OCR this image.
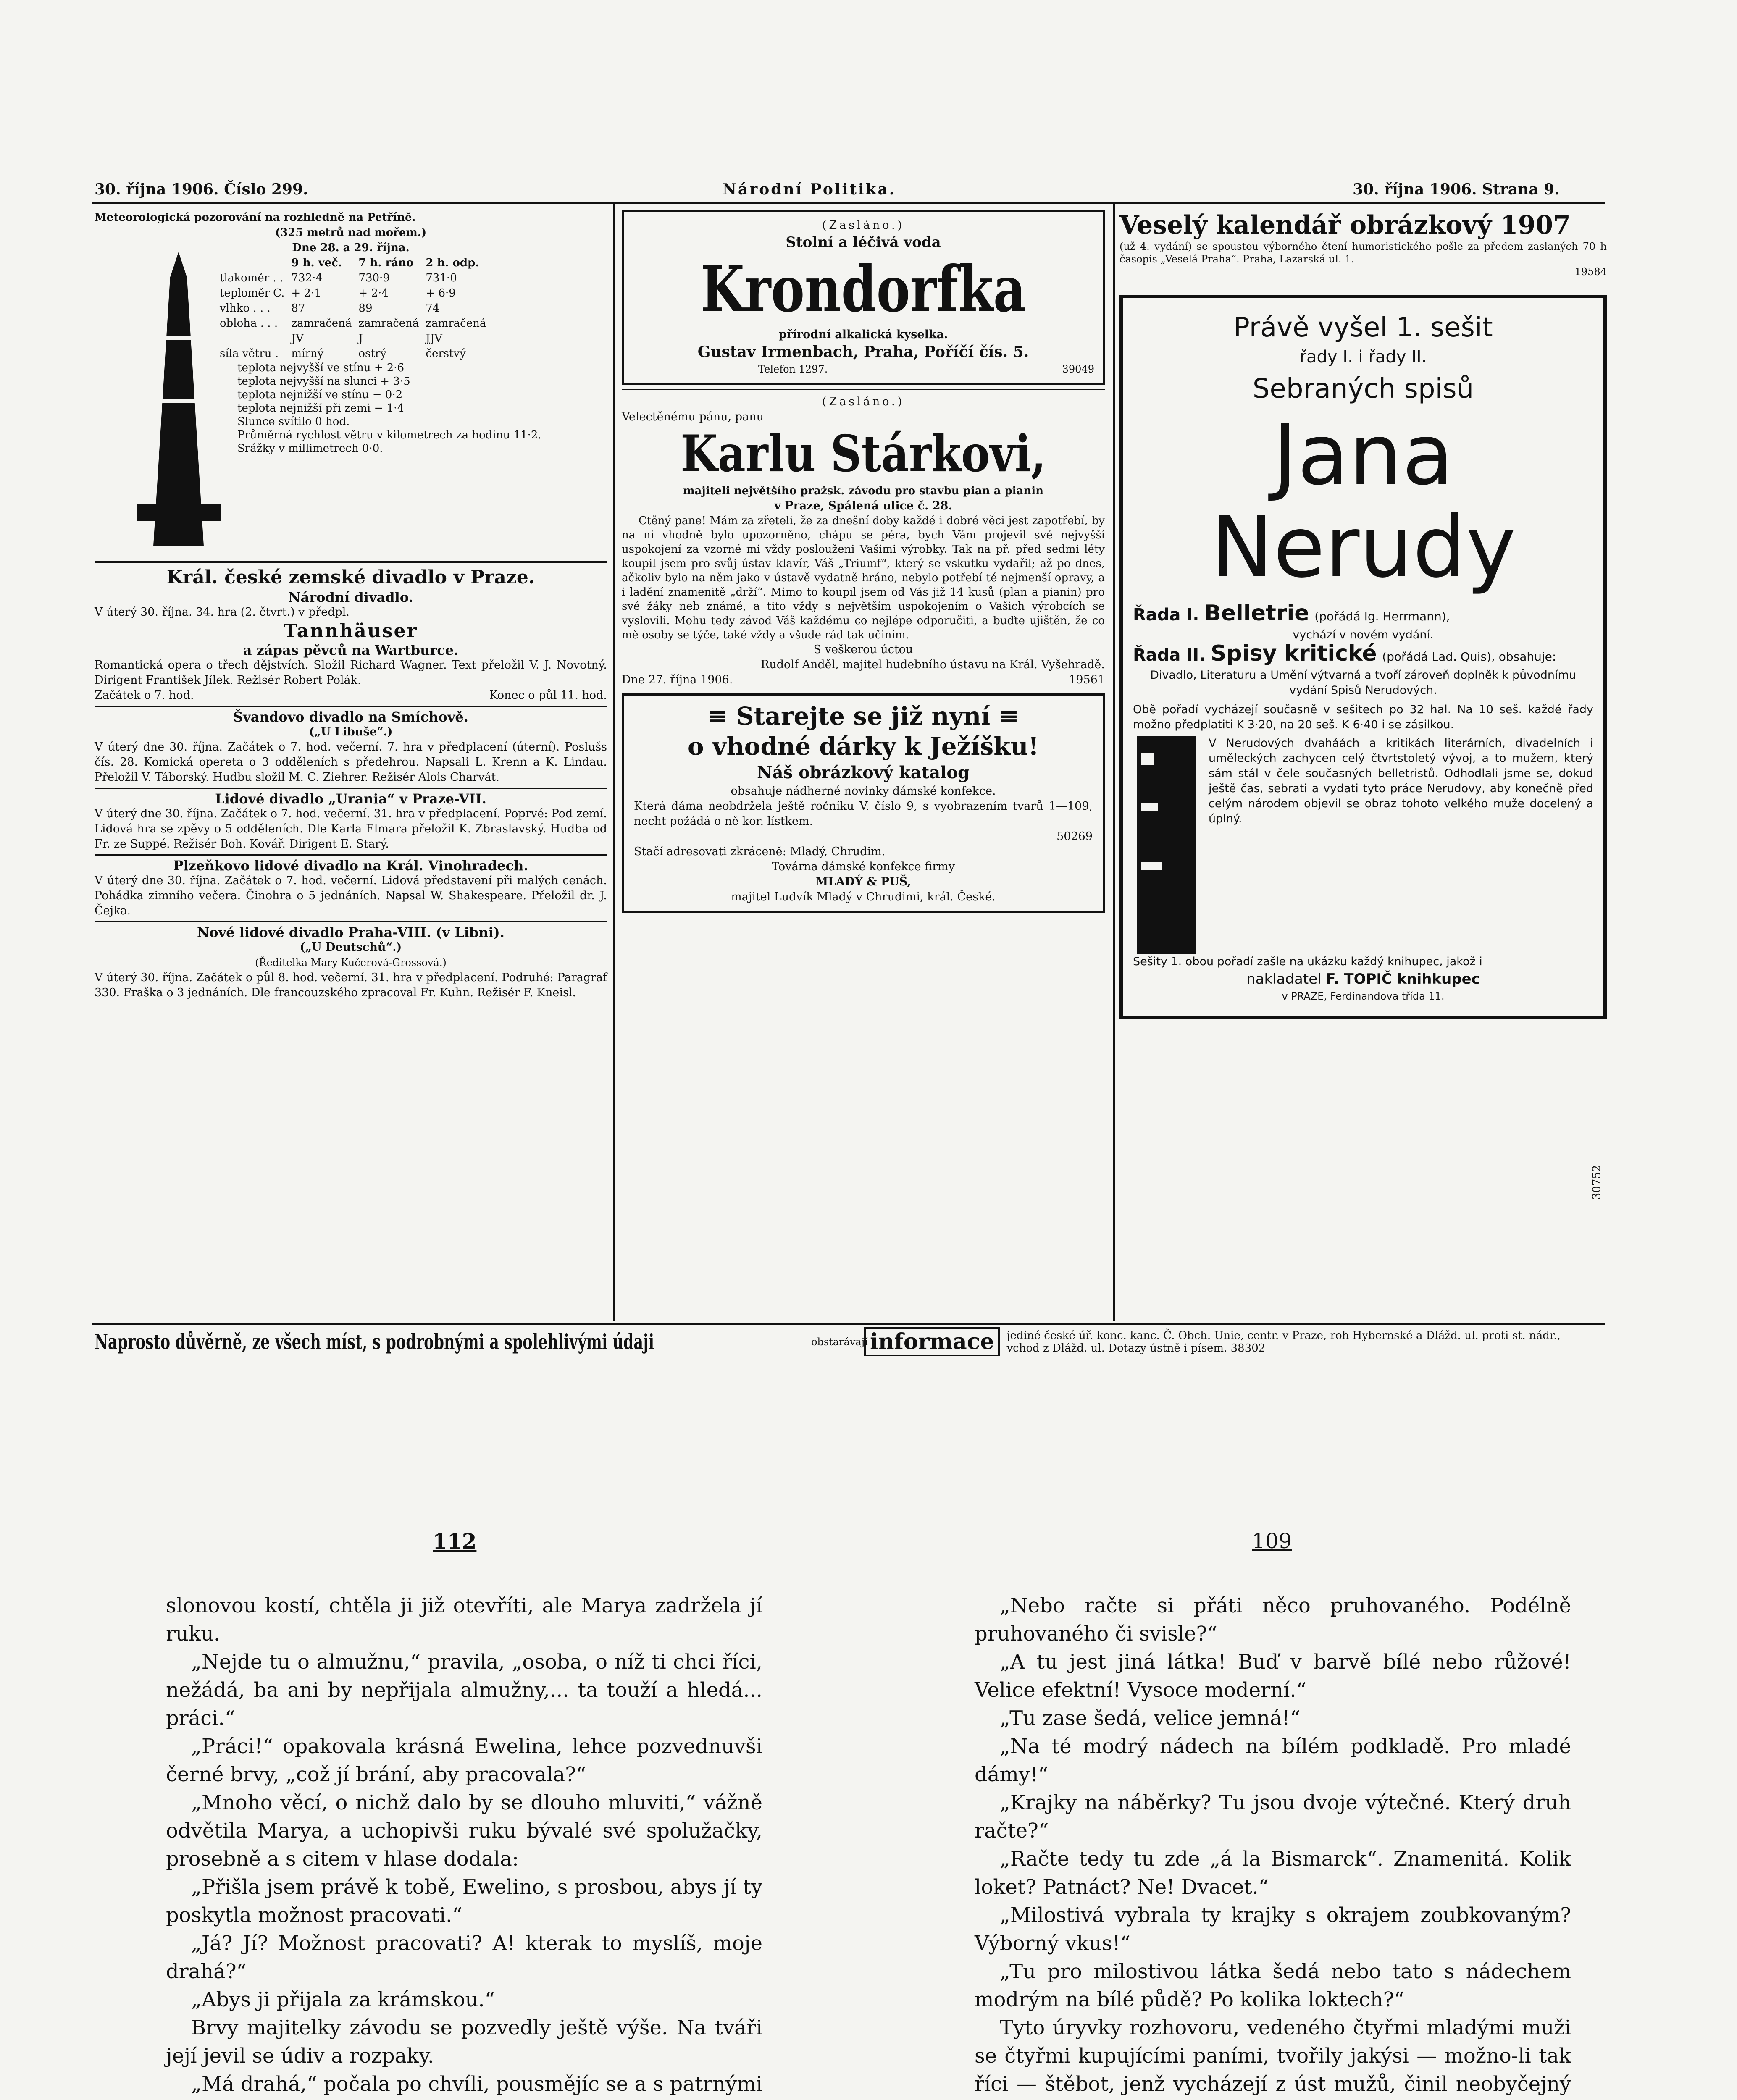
30. října 1906. Číslo 299.	Národní Politika.	30. října 1906. Strana 9.

Meteorologická pozorování na rozhledně na Petříně.

(325 metrů nad mořem.)

Dne 28. a 29. října.

	9 h. več.	7 h. ráno	2 h. odp.
tlakoměr . .	732·4	730·9	731·0
teploměr C.	+ 2·1	+ 2·4	+ 6·9
vlhko . . .	87	89	74
obloha . . .	zamračená	zamračená	zamračená
	JV	J	JJV
síla větru .	mírný	ostrý	čerstvý

teplota nejvyšší ve stínu + 2·6

teplota nejvyšší na slunci + 3·5

teplota nejnižší ve stínu − 0·2

teplota nejnižší při zemi − 1·4

Slunce svítilo 0 hod.

Průměrná rychlost větru v kilometrech za hodinu 11·2.

Srážky v millimetrech 0·0.

Král. české zemské divadlo v Praze.

Národní divadlo.

V úterý 30. října. 34. hra (2. čtvrt.) v předpl.

Tannhäuser

a zápas pěvců na Wartburce.

Romantická opera o třech dějstvích. Složil Richard Wagner. Text přeložil V. J. Novotný. Dirigent František Jílek. Režisér Robert Polák.

Začátek o 7. hod.	Konec o půl 11. hod.

Švandovo divadlo na Smíchově.

(„U Libuše“.)

V úterý dne 30. října. Začátek o 7. hod. večerní. 7. hra v předplacení (úterní). Poslušs čís. 28. Komická opereta o 3 odděleních s předehrou. Napsali L. Krenn a K. Lindau. Přeložil V. Táborský. Hudbu složil M. C. Ziehrer. Režisér Alois Charvát.

Lidové divadlo „Urania“ v Praze-VII.

V úterý dne 30. října. Začátek o 7. hod. večerní. 31. hra v předplacení. Poprvé: Pod zemí. Lidová hra se zpěvy o 5 odděleních. Dle Karla Elmara přeložil K. Zbraslavský. Hudba od Fr. ze Suppé. Režisér Boh. Kovář. Dirigent E. Starý.

Plzeňkovo lidové divadlo na Král. Vinohradech.

V úterý dne 30. října. Začátek o 7. hod. večerní. Lidová představení při malých cenách. Pohádka zimního večera. Činohra o 5 jednáních. Napsal W. Shakespeare. Přeložil dr. J. Čejka.

Nové lidové divadlo Praha-VIII. (v Libni).

(„U Deutschů“.)

(Ředitelka Mary Kučerová-Grossová.)

V úterý 30. října. Začátek o půl 8. hod. večerní. 31. hra v předplacení. Podruhé: Paragraf 330. Fraška o 3 jednáních. Dle francouzského zpracoval Fr. Kuhn. Režisér F. Kneisl.

(Zasláno.)

Stolní a léčivá voda

Krondorfka

přírodní alkalická kyselka.

Gustav Irmenbach, Praha, Poříčí čís. 5.

Telefon 1297.	39049

(Zasláno.)

Velectěnému pánu, panu

Karlu Stárkovi,

majiteli největšího pražsk. závodu pro stavbu pian a pianin

v Praze, Spálená ulice č. 28.

Ctěný pane! Mám za zřeteli, že za dnešní doby každé i dobré věci jest zapotřebí, by na ni vhodně bylo upozorněno, chápu se péra, bych Vám projevil své nejvyšší uspokojení za vzorné mi vždy poslouženi Vašimi výrobky. Tak na př. před sedmi léty koupil jsem pro svůj ústav klavír, Váš „Triumf“, který se vskutku vydařil; až po dnes, ačkoliv bylo na něm jako v ústavě vydatně hráno, nebylo potřebí té nejmenší opravy, a i ladění znamenitě „drží“. Mimo to koupil jsem od Vás již 14 kusů (plan a pianin) pro své žáky neb známé, a tito vždy s největším uspokojením o Vašich výrobcích se vyslovili. Mohu tedy závod Váš každému co nejlépe odporučiti, a buďte ujištěn, že co mě osoby se týče, také vždy a všude rád tak učiním.

S veškerou úctou

Rudolf Anděl, majitel hudebního ústavu na Král. Vyšehradě.

Dne 27. října 1906.	19561

≡ Starejte se již nyní ≡

o vhodné dárky k Ježíšku!

Náš obrázkový katalog

obsahuje nádherné novinky dámské konfekce.

Která dáma neobdržela ještě ročníku V. číslo 9, s vyobrazením tvarů 1—109, necht požádá o ně kor. lístkem.

50269

Stačí adresovati zkráceně: Mladý, Chrudim.

Továrna dámské konfekce firmy

MLADÝ & PUŠ,

majitel Ludvík Mladý v Chrudimi, král. České.

Veselý kalendář obrázkový 1907

(už 4. vydání) se spoustou výborného čtení humoristického pošle za předem zaslaných 70 h časopis „Veselá Praha“. Praha, Lazarská ul. 1.

19584

Právě vyšel 1. sešit

řady I. i řady II.

Sebraných spisů

Jana

Nerudy

Řada I. Belletrie (pořádá Ig. Herrmann),

vychází v novém vydání.

Řada II. Spisy kritické (pořádá Lad. Quis), obsahuje:

Divadlo, Literaturu a Umění výtvarná a tvoří zároveň doplněk k původnímu vydání Spisů Nerudových.

Obě pořadí vycházejí současně v sešitech po 32 hal. Na 10 seš. každé řady možno předplatiti K 3·20, na 20 seš. K 6·40 i se zásilkou.

V Nerudových dvaháách a kritikách literárních, divadelních i uměleckých zachycen celý čtvrtstoletý vývoj, a to mužem, který sám stál v čele současných belletristů. Odhodlali jsme se, dokud ještě čas, sebrati a vydati tyto práce Nerudovy, aby konečně před celým národem objevil se obraz tohoto velkého muže docelený a úplný.

Sešity 1. obou pořadí zašle na ukázku každý knihupec, jakož i

nakladatel F. TOPIČ knihkupec

v PRAZE, Ferdinandova třída 11.

30752
Naprosto důvěrně, ze všech míst, s podrobnými a spolehlivými údaji	obstarávají informace	jediné české úř. konc. kanc. Č. Obch. Unie, centr. v Praze, roh Hybernské a Dlážd. ul. proti st. nádr., vchod z Dlážd. ul. Dotazy ústně i písem. 38302
112	109

slonovou kostí, chtěla ji již otevříti, ale Marya zadržela jí ruku.

„Nejde tu o almužnu,“ pravila, „osoba, o níž ti chci říci, nežádá, ba ani by nepřijala almužny,... ta touží a hledá... práci.“

„Práci!“ opakovala krásná Ewelina, lehce pozvednuvši černé brvy, „což jí brání, aby pracovala?“

„Mnoho věcí, o nichž dalo by se dlouho mluviti,“ vážně odvětila Marya, a uchopivši ruku bývalé své spolužačky, prosebně a s citem v hlase dodala:

„Přišla jsem právě k tobě, Ewelino, s prosbou, abys jí ty poskytla možnost pracovati.“

„Já? Jí? Možnost pracovati? A! kterak to myslíš, moje drahá?“

„Abys ji přijala za krámskou.“

Brvy majitelky závodu se pozvedly ještě výše. Na tváři její jevil se údiv a rozpaky.

„Má drahá,“ počala po chvíli, pousmějíc se a s patrnými

„Nebo račte si přáti něco pruhovaného. Podélně pruhovaného či svisle?“

„A tu jest jiná látka! Buď v barvě bílé nebo růžové! Velice efektní! Vysoce moderní.“

„Tu zase šedá, velice jemná!“

„Na té modrý nádech na bílém podkladě. Pro mladé dámy!“

„Krajky na náběrky? Tu jsou dvoje výtečné. Který druh račte?“

„Račte tedy tu zde „á la Bismarck“. Znamenitá. Kolik loket? Patnáct? Ne! Dvacet.“

„Milostivá vybrala ty krajky s okrajem zoubkovaným? Výborný vkus!“

„Tu pro milostivou látka šedá nebo tato s nádechem modrým na bílé půdě? Po kolika loktech?“

Tyto úryvky rozhovoru, vedeného čtyřmi mladými muži se čtyřmi kupujícími paními, tvořily jakýsi — možno-li tak říci — štěbot, jenž vycházejí z úst mužů, činil neobyčejný
